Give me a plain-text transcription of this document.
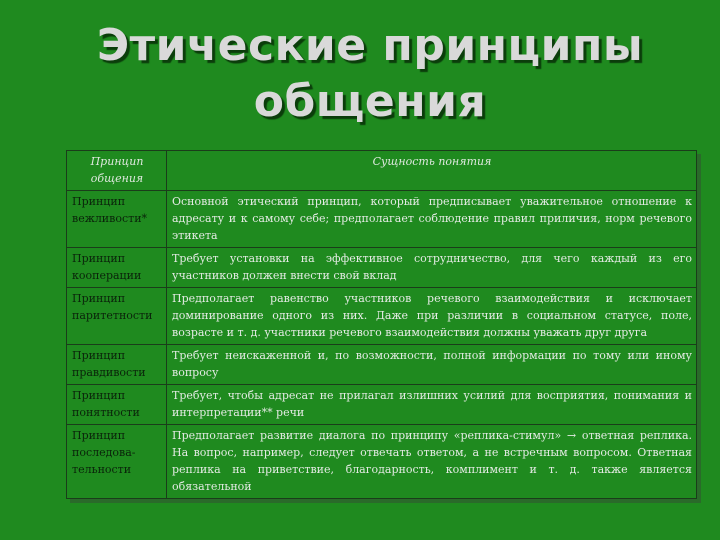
Этические принципы
общения
Принцип общения	Сущность понятия
Принцип вежливости*	Основной этический принцип, который предписывает уважительное отношение к адресату и к самому себе; предполагает соблюдение правил приличия, норм речевого этикета
Принцип кооперации	Требует установки на эффективное сотрудничество, для чего каждый из его участников должен внести свой вклад
Принцип паритетности	Предполагает равенство участников речевого взаимодействия и исключает доминирование одного из них. Даже при различии в социальном статусе, поле, возрасте и т. д. участники речевого взаимодействия должны уважать друг друга
Принцип правдивости	Требует неискаженной и, по возможности, полной информации по тому или иному вопросу
Принцип понятности	Требует, чтобы адресат не прилагал излишних усилий для восприятия, понимания и интерпретации** речи
Принцип последова-тельности	Предполагает развитие диалога по принципу «реплика-стимул» → ответная реплика. На вопрос, например, следует отвечать ответом, а не встречным вопросом. Ответная реплика на приветствие, благодарность, комплимент и т. д. также является обязательной
